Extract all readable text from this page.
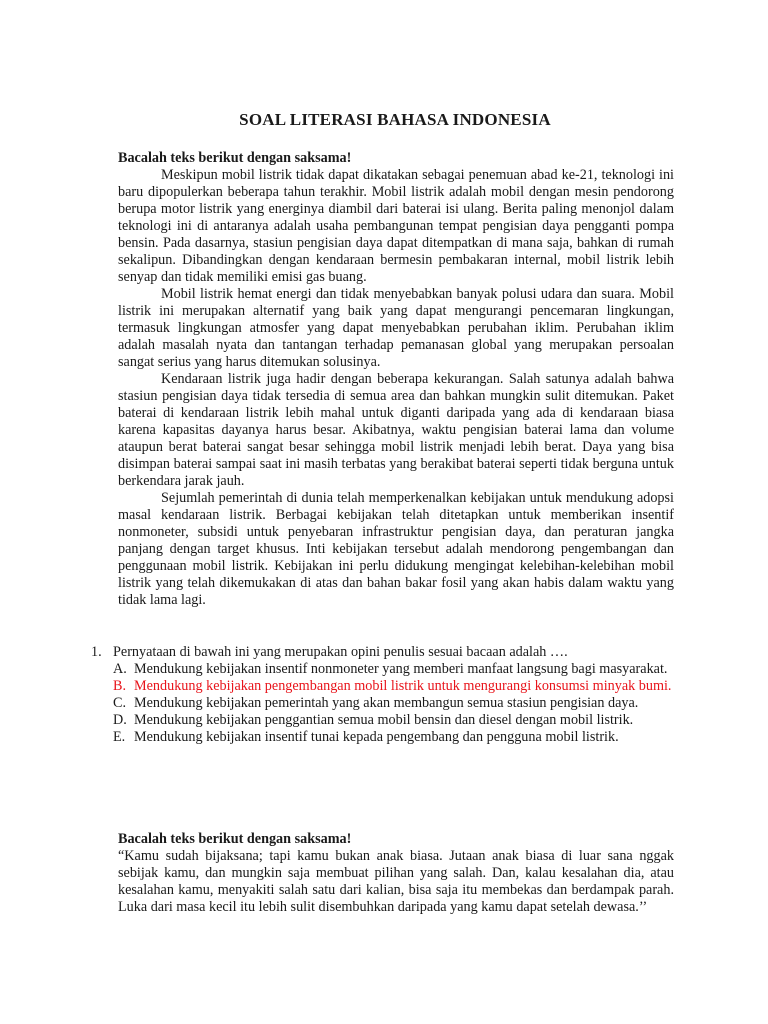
SOAL LITERASI BAHASA INDONESIA
Bacalah teks berikut dengan saksama!

Meskipun mobil listrik tidak dapat dikatakan sebagai penemuan abad ke-21, teknologi ini baru dipopulerkan beberapa tahun terakhir. Mobil listrik adalah mobil dengan mesin pendorong berupa motor listrik yang energinya diambil dari baterai isi ulang. Berita paling menonjol dalam teknologi ini di antaranya adalah usaha pembangunan tempat pengisian daya pengganti pompa bensin. Pada dasarnya, stasiun pengisian daya dapat ditempatkan di mana saja, bahkan di rumah sekalipun. Dibandingkan dengan kendaraan bermesin pembakaran internal, mobil listrik lebih senyap dan tidak memiliki emisi gas buang.

Mobil listrik hemat energi dan tidak menyebabkan banyak polusi udara dan suara. Mobil listrik ini merupakan alternatif yang baik yang dapat mengurangi pencemaran lingkungan, termasuk lingkungan atmosfer yang dapat menyebabkan perubahan iklim. Perubahan iklim adalah masalah nyata dan tantangan terhadap pemanasan global yang merupakan persoalan sangat serius yang harus ditemukan solusinya.

Kendaraan listrik juga hadir dengan beberapa kekurangan. Salah satunya adalah bahwa stasiun pengisian daya tidak tersedia di semua area dan bahkan mungkin sulit ditemukan. Paket baterai di kendaraan listrik lebih mahal untuk diganti daripada yang ada di kendaraan biasa karena kapasitas dayanya harus besar. Akibatnya, waktu pengisian baterai lama dan volume ataupun berat baterai sangat besar sehingga mobil listrik menjadi lebih berat. Daya yang bisa disimpan baterai sampai saat ini masih terbatas yang berakibat baterai seperti tidak berguna untuk berkendara jarak jauh.

Sejumlah pemerintah di dunia telah memperkenalkan kebijakan untuk mendukung adopsi masal kendaraan listrik. Berbagai kebijakan telah ditetapkan untuk memberikan insentif nonmoneter, subsidi untuk penyebaran infrastruktur pengisian daya, dan peraturan jangka panjang dengan target khusus. Inti kebijakan tersebut adalah mendorong pengembangan dan penggunaan mobil listrik. Kebijakan ini perlu didukung mengingat kelebihan-kelebihan mobil listrik yang telah dikemukakan di atas dan bahan bakar fosil yang akan habis dalam waktu yang tidak lama lagi.

1. Pernyataan di bawah ini yang merupakan opini penulis sesuai bacaan adalah ….
A. Mendukung kebijakan insentif nonmoneter yang memberi manfaat langsung bagi masyarakat.
B. Mendukung kebijakan pengembangan mobil listrik untuk mengurangi konsumsi minyak bumi.
C. Mendukung kebijakan pemerintah yang akan membangun semua stasiun pengisian daya.
D. Mendukung kebijakan penggantian semua mobil bensin dan diesel dengan mobil listrik.
E. Mendukung kebijakan insentif tunai kepada pengembang dan pengguna mobil listrik.
Bacalah teks berikut dengan saksama!

“Kamu sudah bijaksana; tapi kamu bukan anak biasa. Jutaan anak biasa di luar sana nggak sebijak kamu, dan mungkin saja membuat pilihan yang salah. Dan, kalau kesalahan dia, atau kesalahan kamu, menyakiti salah satu dari kalian, bisa saja itu membekas dan berdampak parah. Luka dari masa kecil itu lebih sulit disembuhkan daripada yang kamu dapat setelah dewasa.’’
